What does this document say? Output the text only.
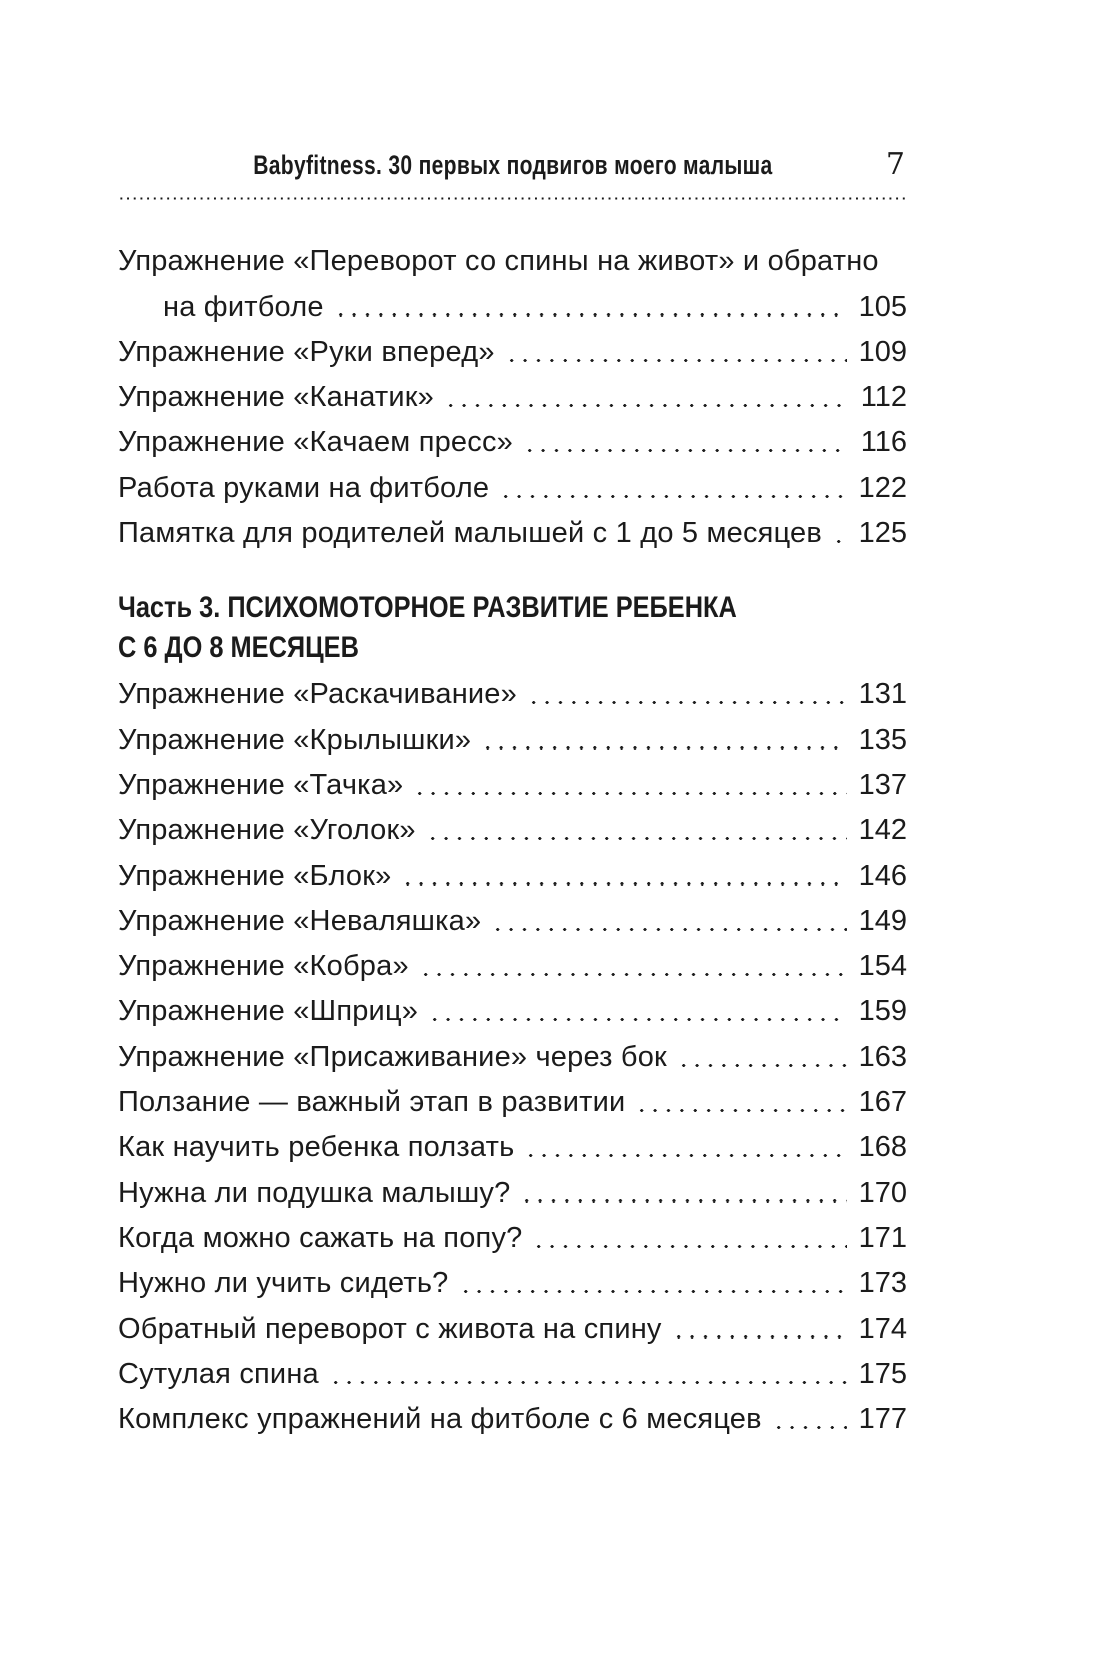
Babyfitness. 30 первых подвигов моего малыша	7
Упражнение «Переворот со спины на живот» и обратно
на фитболе	105
Упражнение «Руки вперед»	109
Упражнение «Канатик»	112
Упражнение «Качаем пресс»	116
Работа руками на фитболе	122
Памятка для родителей малышей с 1 до 5 месяцев 125
Часть 3. ПСИХОМОТОРНОЕ РАЗВИТИЕ РЕБЕНКА
С 6 ДО 8 МЕСЯЦЕВ
Упражнение «Раскачивание»	131
Упражнение «Крылышки»	135
Упражнение «Тачка»	137
Упражнение «Уголок»	142
Упражнение «Блок»	146
Упражнение «Неваляшка»	149
Упражнение «Кобра»	154
Упражнение «Шприц»	159
Упражнение «Присаживание» через бок	163
Ползание — важный этап в развитии	167
Как научить ребенка ползать	168
Нужна ли подушка малышу?	170
Когда можно сажать на попу?	171
Нужно ли учить сидеть?	173
Обратный переворот с живота на спину	174
Сутулая спина	175
Комплекс упражнений на фитболе с 6 месяцев	177
